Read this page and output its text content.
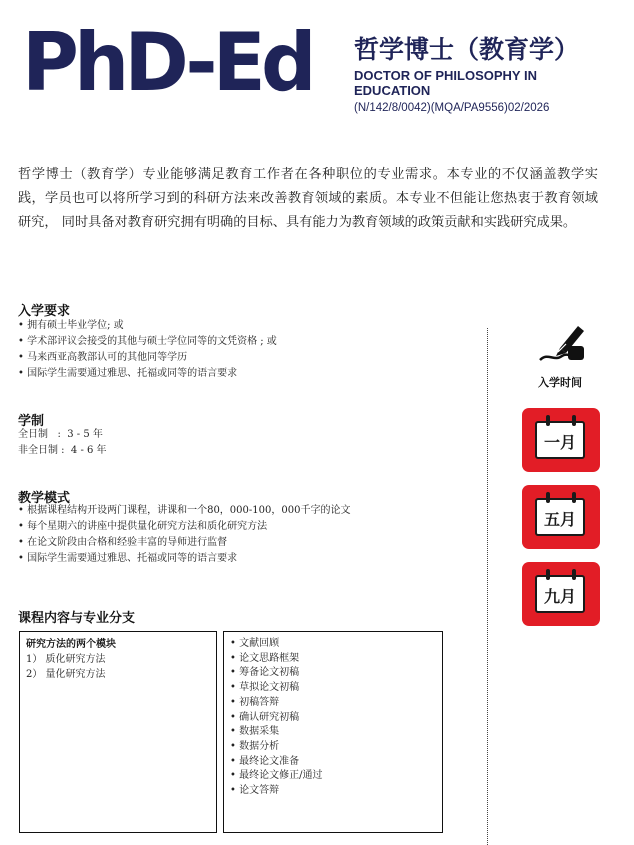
PhD-Ed 哲学博士（教育学）
DOCTOR OF PHILOSOPHY IN EDUCATION
(N/142/8/0042)(MQA/PA9556)02/2026
哲学博士（教育学）专业能够满足教育工作者在各种职位的专业需求。本专业的不仅涵盖教学实践，学员也可以将所学习到的科研方法来改善教育领域的素质。本专业不但能让您热衷于教育领域研究， 同时具备对教育研究拥有明确的目标、具有能力为教育领域的政策贡献和实践研究成果。
入学要求
• 拥有硕士毕业学位; 或
• 学术部评议会接受的其他与硕士学位同等的文凭资格 ; 或
• 马来西亚高教部认可的其他同等学历
• 国际学生需要通过雅思、托福或同等的语言要求
学制
全日制   :  3 - 5 年
非全日制 :  4 - 6 年
教学模式
• 根据课程结构开设两门课程，讲课和一个80，000-100，000千字的论文
• 每个星期六的讲座中提供量化研究方法和质化研究方法
• 在论文阶段由合格和经验丰富的导师进行监督
• 国际学生需要通过雅思、托福或同等的语言要求
课程内容与专业分支
研究方法的两个模块
1） 质化研究方法
2） 量化研究方法
• 文献回顾
• 论文思路框架
• 筹备论文初稿
• 草拟论文初稿
• 初稿答辩
• 确认研究初稿
• 数据采集
• 数据分析
• 最终论文准备
• 最终论文修正/通过
• 论文答辩
入学时间
一月
五月
九月
